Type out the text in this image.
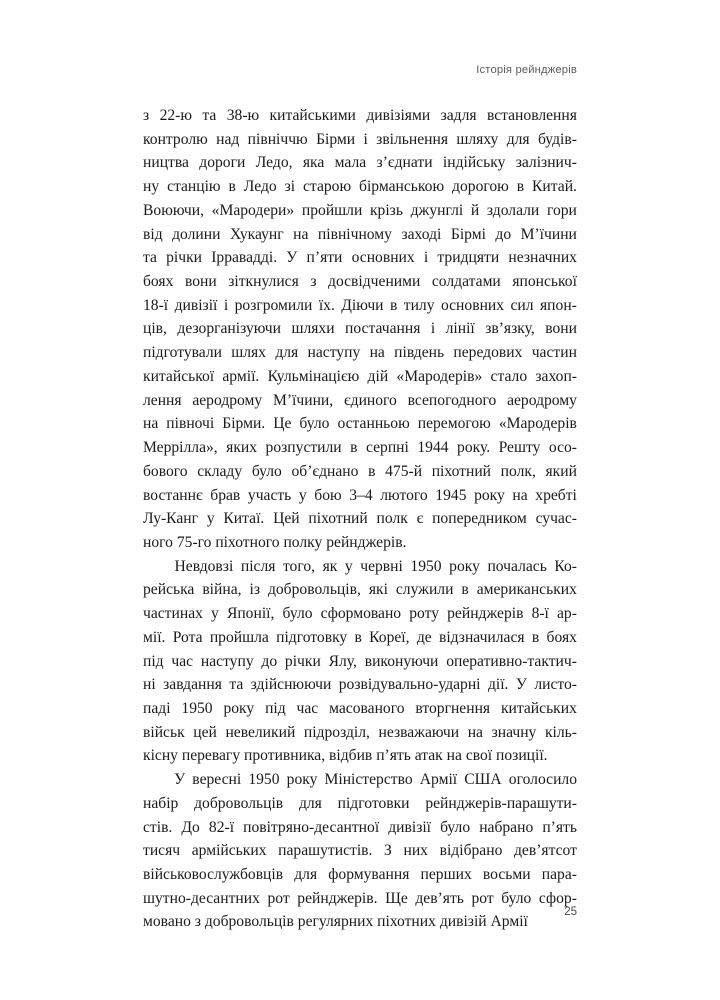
Історія рейнджерів

з 22-ю та 38-ю китайськими дивізіями задля встановлення
контролю над північчю Бірми і звільнення шляху для будів-
ництва дороги Ледо, яка мала з’єднати індійську залізнич-
ну станцію в Ледо зі старою бірманською дорогою в Китай.
Воюючи, «Мародери» пройшли крізь джунглі й здолали гори
від долини Хукаунг на північному заході Бірмі до М’їчини
та річки Ірравадді. У п’яти основних і тридцяти незначних
боях вони зіткнулися з досвідченими солдатами японської
18-ї дивізії і розгромили їх. Діючи в тилу основних сил япон-
ців, дезорганізуючи шляхи постачання і лінії зв’язку, вони
підготували шлях для наступу на південь передових частин
китайської армії. Кульмінацією дій «Мародерів» стало захоп-
лення аеродрому М’їчини, єдиного всепогодного аеродрому
на півночі Бірми. Це було останньою перемогою «Мародерів
Меррілла», яких розпустили в серпні 1944 року. Решту осо-
бового складу було об’єднано в 475-й піхотний полк, який
востаннє брав участь у бою 3–4 лютого 1945 року на хребті
Лу-Канг у Китаї. Цей піхотний полк є попередником сучас-
ного 75-го піхотного полку рейнджерів.

Невдовзі після того, як у червні 1950 року почалась Ко-
рейська війна, із добровольців, які служили в американських
частинах у Японії, було сформовано роту рейнджерів 8-ї ар-
мії. Рота пройшла підготовку в Кореї, де відзначилася в боях
під час наступу до річки Ялу, виконуючи оперативно-тактич-
ні завдання та здійснюючи розвідувально-ударні дії. У листо-
паді 1950 року під час масованого вторгнення китайських
військ цей невеликий підрозділ, незважаючи на значну кіль-
кісну перевагу противника, відбив п’ять атак на свої позиції.

У вересні 1950 року Міністерство Армії США оголосило
набір добровольців для підготовки рейнджерів-парашути-
стів. До 82-ї повітряно-десантної дивізії було набрано п’ять
тисяч армійських парашутистів. З них відібрано дев’ятсот
військовослужбовців для формування перших восьми пара-
шутно-десантних рот рейнджерів. Ще дев’ять рот було сфор-
мовано з добровольців регулярних піхотних дивізій Армії

25
